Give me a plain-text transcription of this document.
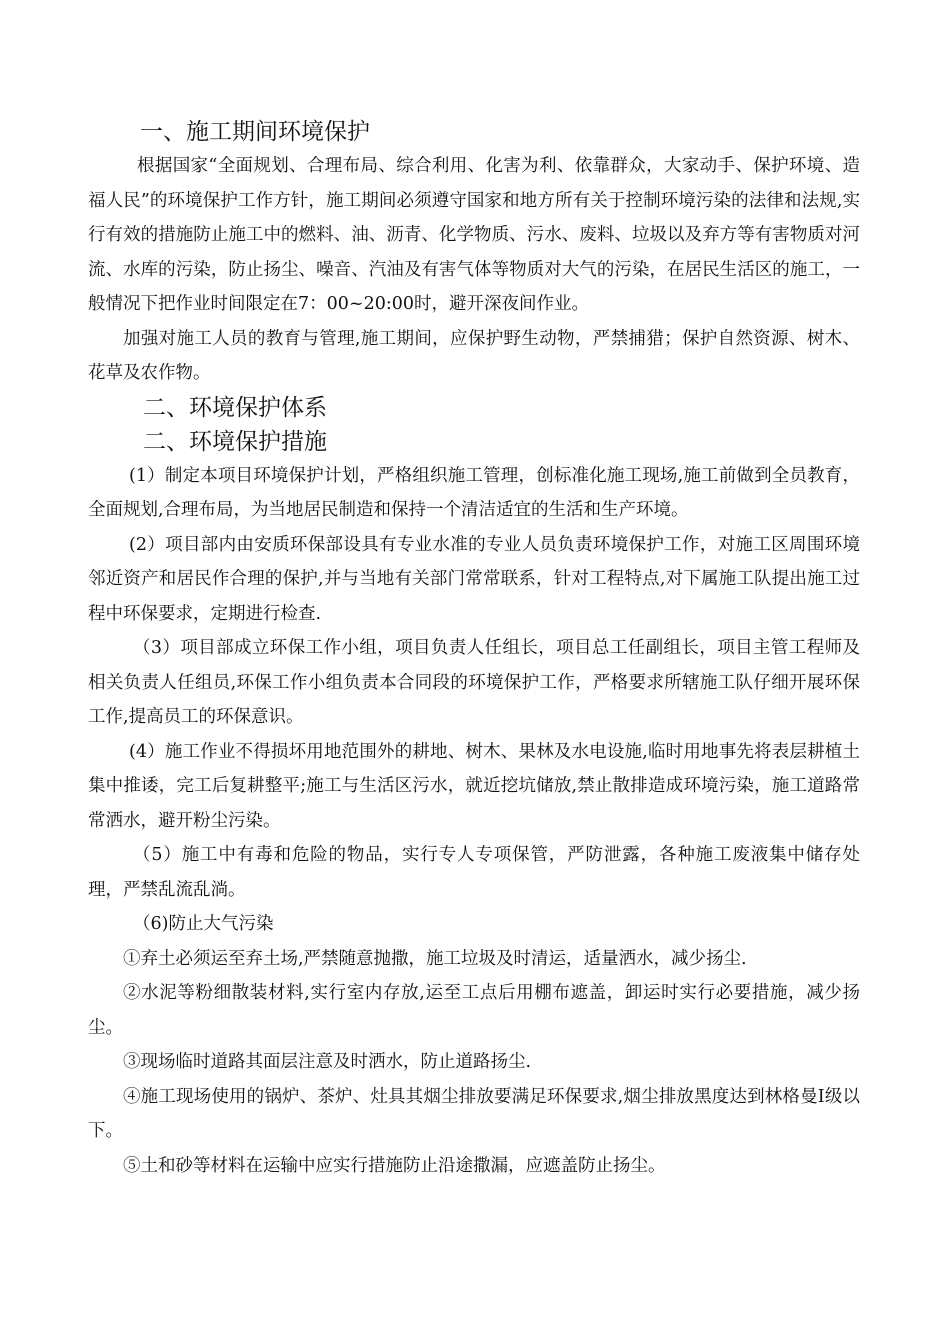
一、施工期间环境保护

根据国家“全面规划、合理布局、综合利用、化害为利、依靠群众，大家动手、保护环境、造福人民”的环境保护工作方针，施工期间必须遵守国家和地方所有关于控制环境污染的法律和法规,实行有效的措施防止施工中的燃料、油、沥青、化学物质、污水、废料、垃圾以及弃方等有害物质对河流、水库的污染，防止扬尘、噪音、汽油及有害气体等物质对大气的污染，在居民生活区的施工，一般情况下把作业时间限定在7：00~20:00时，避开深夜间作业。

加强对施工人员的教育与管理,施工期间，应保护野生动物，严禁捕猎；保护自然资源、树木、花草及农作物。

二、环境保护体系
二、环境保护措施

(1）制定本项目环境保护计划，严格组织施工管理，创标准化施工现场,施工前做到全员教育，全面规划,合理布局，为当地居民制造和保持一个清洁适宜的生活和生产环境。

(2）项目部内由安质环保部设具有专业水准的专业人员负责环境保护工作，对施工区周围环境邻近资产和居民作合理的保护,并与当地有关部门常常联系，针对工程特点,对下属施工队提出施工过程中环保要求，定期进行检查.

（3）项目部成立环保工作小组，项目负责人任组长，项目总工任副组长，项目主管工程师及相关负责人任组员,环保工作小组负责本合同段的环境保护工作，严格要求所辖施工队仔细开展环保工作,提高员工的环保意识。

(4）施工作业不得损坏用地范围外的耕地、树木、果林及水电设施,临时用地事先将表层耕植土集中推诿，完工后复耕整平;施工与生活区污水，就近挖坑储放,禁止散排造成环境污染，施工道路常常洒水，避开粉尘污染。

（5）施工中有毒和危险的物品，实行专人专项保管，严防泄露，各种施工废液集中储存处理，严禁乱流乱淌。

（6)防止大气污染

①弃土必须运至弃土场,严禁随意抛撒，施工垃圾及时清运，适量洒水，减少扬尘.

②水泥等粉细散装材料,实行室内存放,运至工点后用棚布遮盖，卸运时实行必要措施，减少扬尘。

③现场临时道路其面层注意及时洒水，防止道路扬尘.

④施工现场使用的锅炉、茶炉、灶具其烟尘排放要满足环保要求,烟尘排放黑度达到林格曼Ⅰ级以下。

⑤土和砂等材料在运输中应实行措施防止沿途撒漏，应遮盖防止扬尘。
